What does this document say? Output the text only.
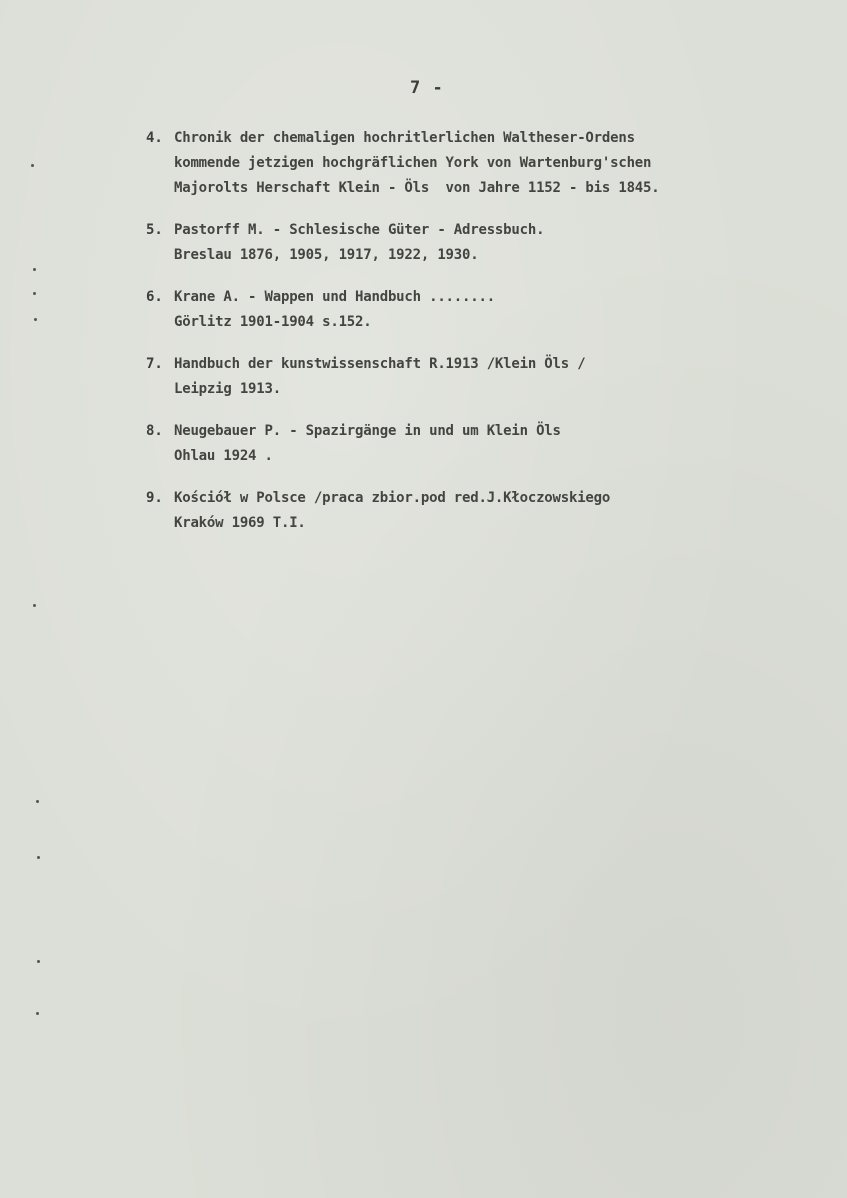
7 -
4. Chronik der chemaligen hochritlerlichen Waltheser-Ordens
kommende jetzigen hochgräflichen York von Wartenburg'schen
Majorolts Herschaft Klein - Öls  von Jahre 1152 - bis 1845.
5. Pastorff M. - Schlesische Güter - Adressbuch.
Breslau 1876, 1905, 1917, 1922, 1930.
6. Krane A. - Wappen und Handbuch ........
Görlitz 1901-1904 s.152.
7. Handbuch der kunstwissenschaft R.1913 /Klein Öls /
Leipzig 1913.
8. Neugebauer P. - Spazirgänge in und um Klein Öls
Ohlau 1924 .
9. Kościół w Polsce /praca zbior.pod red.J.Kłoczowskiego
Kraków 1969 T.I.
